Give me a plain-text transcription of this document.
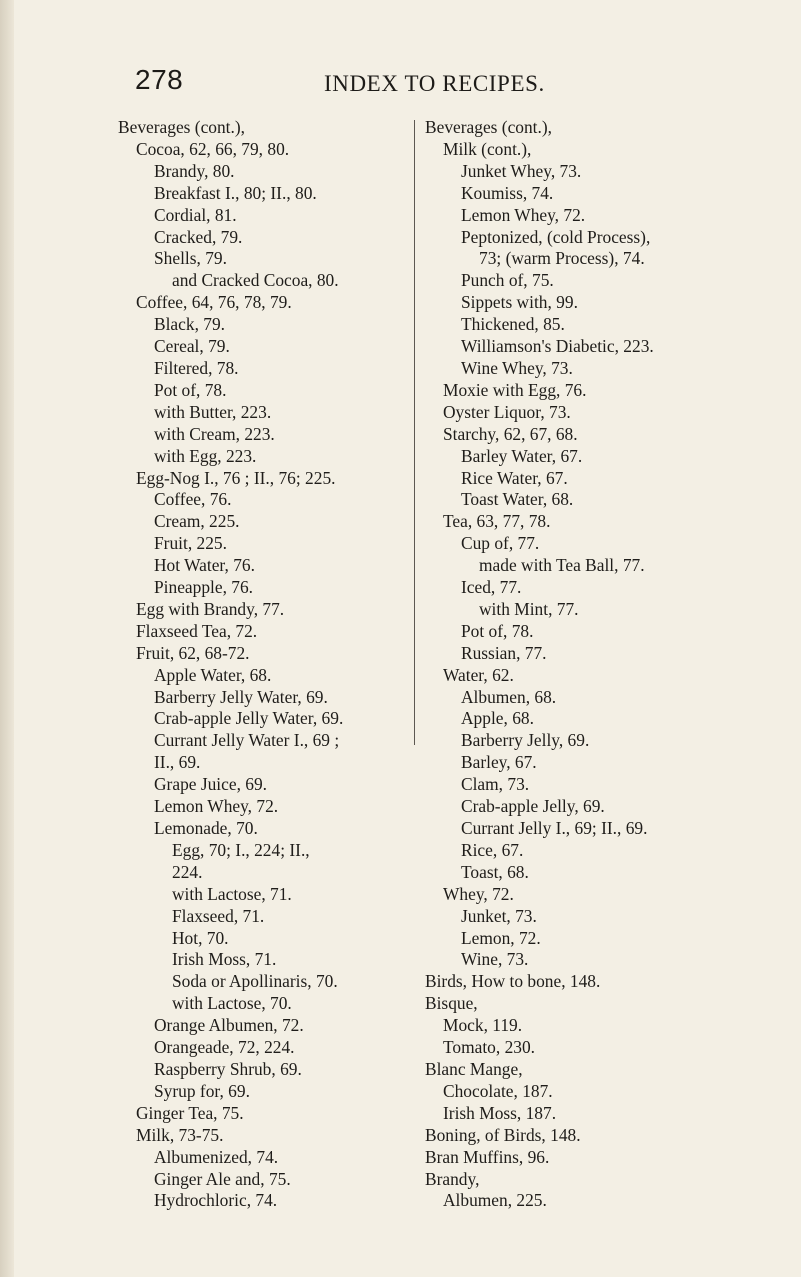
278	INDEX TO RECIPES.

Beverages (cont.),

Cocoa, 62, 66, 79, 80.

Brandy, 80.

Breakfast I., 80; II., 80.

Cordial, 81.

Cracked, 79.

Shells, 79.

and Cracked Cocoa, 80.

Coffee, 64, 76, 78, 79.

Black, 79.

Cereal, 79.

Filtered, 78.

Pot of, 78.

with Butter, 223.

with Cream, 223.

with Egg, 223.

Egg-Nog I., 76 ; II., 76; 225.

Coffee, 76.

Cream, 225.

Fruit, 225.

Hot Water, 76.

Pineapple, 76.

Egg with Brandy, 77.

Flaxseed Tea, 72.

Fruit, 62, 68-72.

Apple Water, 68.

Barberry Jelly Water, 69.

Crab-apple Jelly Water, 69.

Currant Jelly Water I., 69 ;

II., 69.

Grape Juice, 69.

Lemon Whey, 72.

Lemonade, 70.

Egg, 70; I., 224; II.,

224.

with Lactose, 71.

Flaxseed, 71.

Hot, 70.

Irish Moss, 71.

Soda or Apollinaris, 70.

with Lactose, 70.

Orange Albumen, 72.

Orangeade, 72, 224.

Raspberry Shrub, 69.

Syrup for, 69.

Ginger Tea, 75.

Milk, 73-75.

Albumenized, 74.

Ginger Ale and, 75.

Hydrochloric, 74.

Beverages (cont.),

Milk (cont.),

Junket Whey, 73.

Koumiss, 74.

Lemon Whey, 72.

Peptonized, (cold Process),

73; (warm Process), 74.

Punch of, 75.

Sippets with, 99.

Thickened, 85.

Williamson's Diabetic, 223.

Wine Whey, 73.

Moxie with Egg, 76.

Oyster Liquor, 73.

Starchy, 62, 67, 68.

Barley Water, 67.

Rice Water, 67.

Toast Water, 68.

Tea, 63, 77, 78.

Cup of, 77.

made with Tea Ball, 77.

Iced, 77.

with Mint, 77.

Pot of, 78.

Russian, 77.

Water, 62.

Albumen, 68.

Apple, 68.

Barberry Jelly, 69.

Barley, 67.

Clam, 73.

Crab-apple Jelly, 69.

Currant Jelly I., 69; II., 69.

Rice, 67.

Toast, 68.

Whey, 72.

Junket, 73.

Lemon, 72.

Wine, 73.

Birds, How to bone, 148.

Bisque,

Mock, 119.

Tomato, 230.

Blanc Mange,

Chocolate, 187.

Irish Moss, 187.

Boning, of Birds, 148.

Bran Muffins, 96.

Brandy,

Albumen, 225.
